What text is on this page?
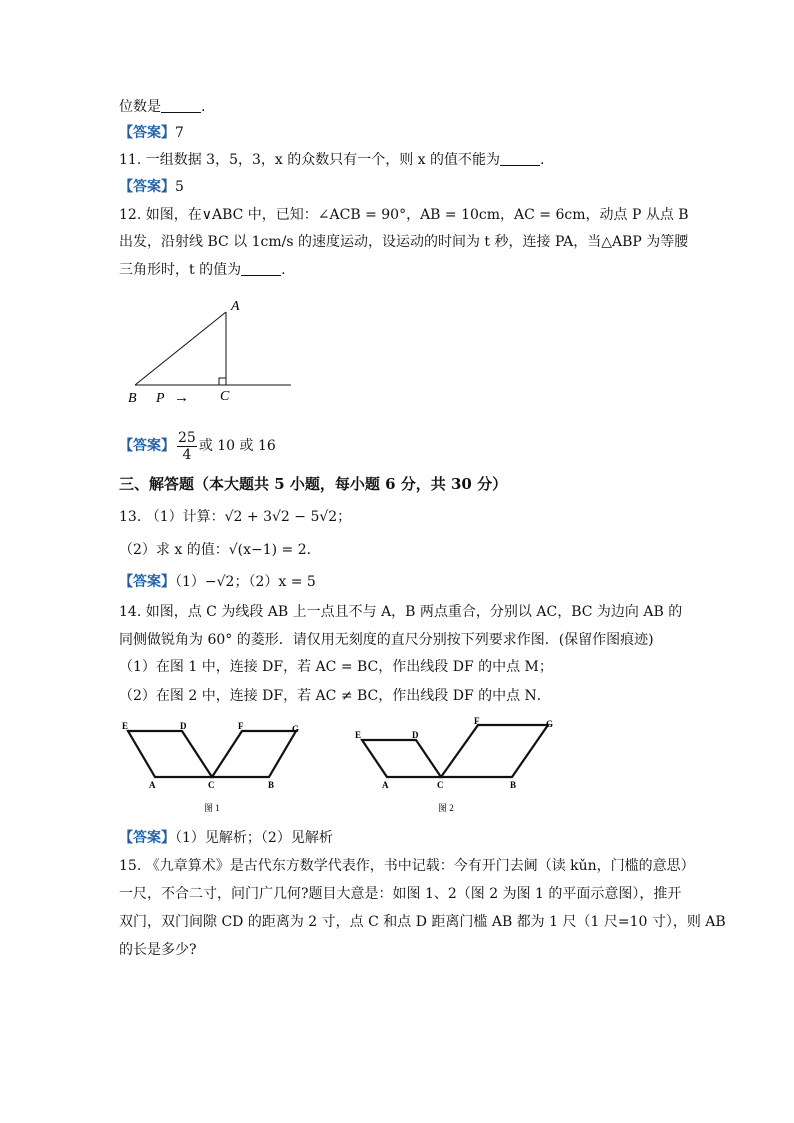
位数是	.
【答案】7
11. 一组数据 3，5，3，x 的众数只有一个，则 x 的值不能为	.
【答案】5
12. 如图，在∨ABC 中，已知：∠ACB = 90°，AB = 10cm，AC = 6cm，动点 P 从点 B
出发，沿射线 BC 以 1cm/s 的速度运动，设运动的时间为 t 秒，连接 PA，当△ABP 为等腰
三角形时，t 的值为	.
A
B P → C
【答案】 $\frac{25}{4}$ 或 10 或 16
三、解答题（本大题共 5 小题，每小题 6 分，共 30 分）
13. （1）计算：√2 + 3√2 − 5√2；
（2）求 x 的值：√(x−1) = 2．
【答案】（1）−√2；（2）x = 5
14. 如图，点 C 为线段 AB 上一点且不与 A，B 两点重合，分别以 AC，BC 为边向 AB 的
同侧做锐角为 60° 的菱形．请仅用无刻度的直尺分别按下列要求作图．(保留作图痕迹)
（1）在图 1 中，连接 DF，若 AC = BC，作出线段 DF 的中点 M；
（2）在图 2 中，连接 DF，若 AC ≠ BC，作出线段 DF 的中点 N．
E	D	F	G
A	C	B
图 1
E	D
F	G
A	C	B
图 2
【答案】（1）见解析；（2）见解析
15. 《九章算术》是古代东方数学代表作，书中记载：今有开门去阃（读 kǔn，门槛的意思）
一尺，不合二寸，问门广几何?题目大意是：如图 1、2（图 2 为图 1 的平面示意图），推开
双门，双门间隙 CD 的距离为 2 寸，点 C 和点 D 距离门槛 AB 都为 1 尺（1 尺=10 寸），则 AB
的长是多少?
